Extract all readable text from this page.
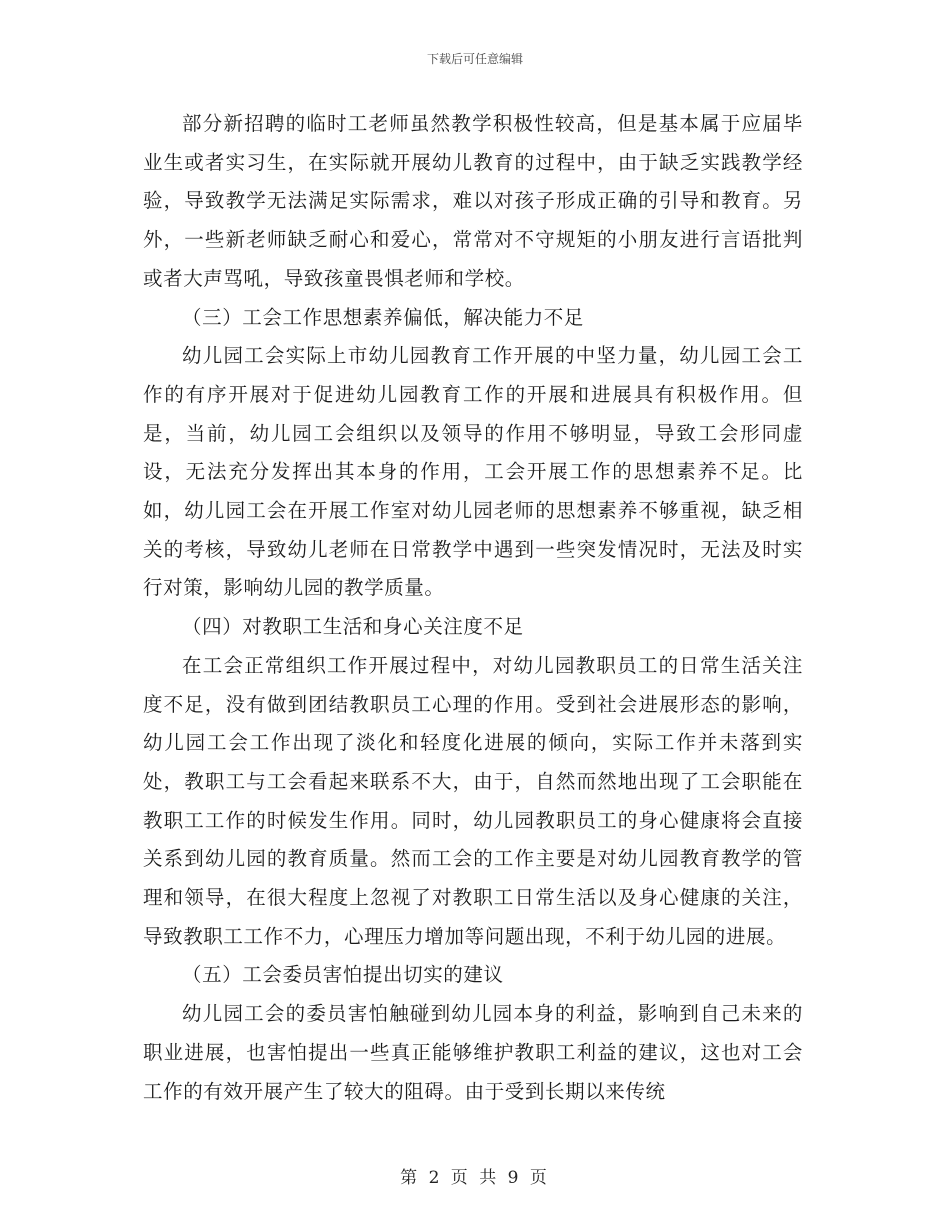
下载后可任意编辑

部分新招聘的临时工老师虽然教学积极性较高，但是基本属于应届毕业生或者实习生，在实际就开展幼儿教育的过程中，由于缺乏实践教学经验，导致教学无法满足实际需求，难以对孩子形成正确的引导和教育。另外，一些新老师缺乏耐心和爱心，常常对不守规矩的小朋友进行言语批判或者大声骂吼，导致孩童畏惧老师和学校。

（三）工会工作思想素养偏低，解决能力不足

幼儿园工会实际上市幼儿园教育工作开展的中坚力量，幼儿园工会工作的有序开展对于促进幼儿园教育工作的开展和进展具有积极作用。但是，当前，幼儿园工会组织以及领导的作用不够明显，导致工会形同虚设，无法充分发挥出其本身的作用，工会开展工作的思想素养不足。比如，幼儿园工会在开展工作室对幼儿园老师的思想素养不够重视，缺乏相关的考核，导致幼儿老师在日常教学中遇到一些突发情况时，无法及时实行对策，影响幼儿园的教学质量。

（四）对教职工生活和身心关注度不足

在工会正常组织工作开展过程中，对幼儿园教职员工的日常生活关注度不足，没有做到团结教职员工心理的作用。受到社会进展形态的影响，幼儿园工会工作出现了淡化和轻度化进展的倾向，实际工作并未落到实处，教职工与工会看起来联系不大，由于，自然而然地出现了工会职能在教职工工作的时候发生作用。同时，幼儿园教职员工的身心健康将会直接关系到幼儿园的教育质量。然而工会的工作主要是对幼儿园教育教学的管理和领导，在很大程度上忽视了对教职工日常生活以及身心健康的关注，导致教职工工作不力，心理压力增加等问题出现，不利于幼儿园的进展。

（五）工会委员害怕提出切实的建议

幼儿园工会的委员害怕触碰到幼儿园本身的利益，影响到自己未来的职业进展，也害怕提出一些真正能够维护教职工利益的建议，这也对工会工作的有效开展产生了较大的阻碍。由于受到长期以来传统

第 2 页 共 9 页
